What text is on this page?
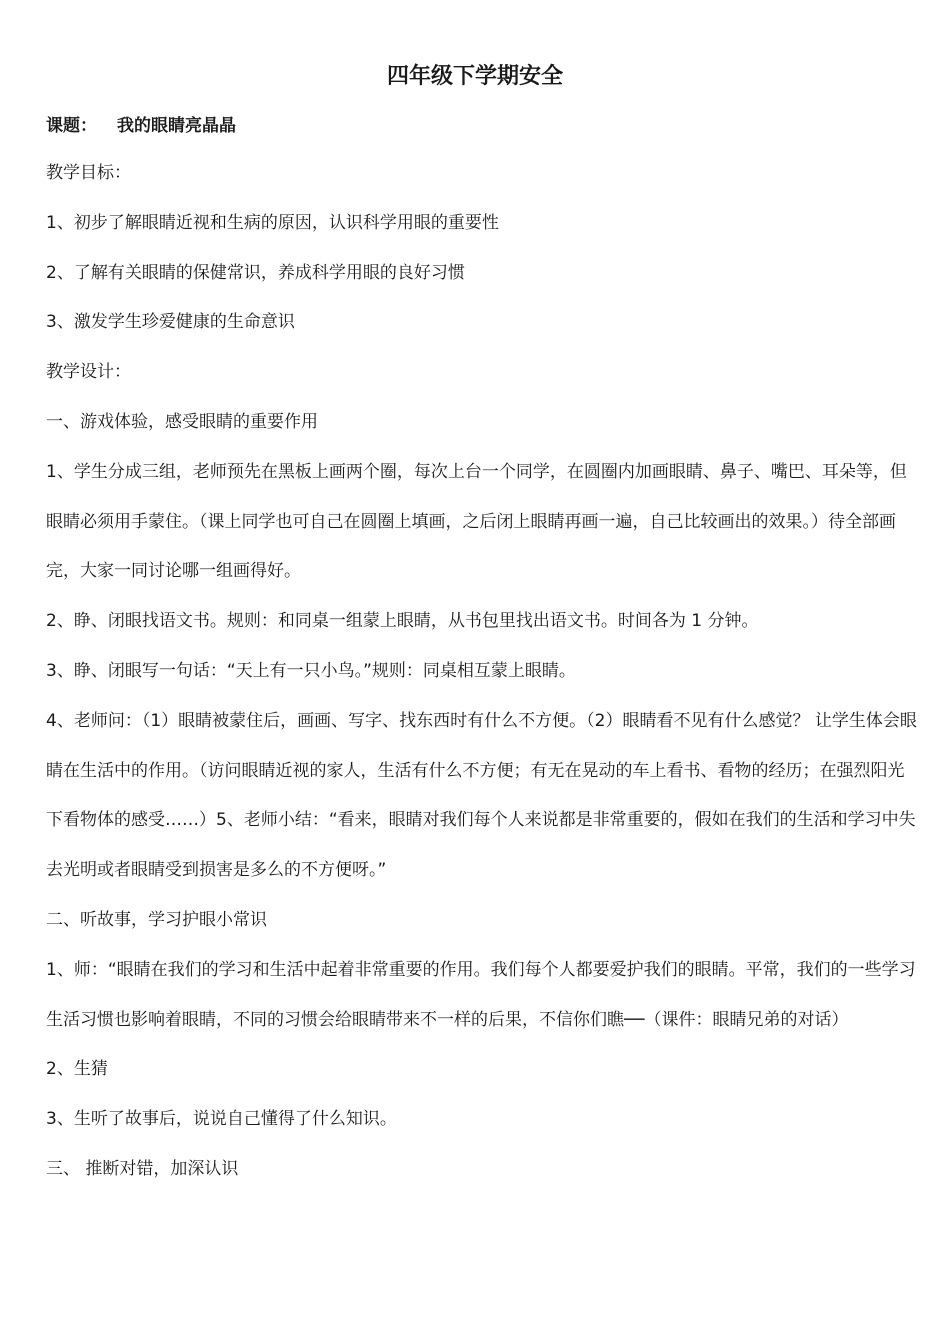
四年级下学期安全
课题： 我的眼睛亮晶晶

教学目标：

1、初步了解眼睛近视和生病的原因，认识科学用眼的重要性

2、了解有关眼睛的保健常识，养成科学用眼的良好习惯

3、激发学生珍爱健康的生命意识

教学设计：

一、游戏体验，感受眼睛的重要作用

1、学生分成三组，老师预先在黑板上画两个圈，每次上台一个同学，在圆圈内加画眼睛、鼻子、嘴巴、耳朵等，但眼睛必须用手蒙住。（课上同学也可自己在圆圈上填画，之后闭上眼睛再画一遍，自己比较画出的效果。）待全部画完，大家一同讨论哪一组画得好。

2、睁、闭眼找语文书。规则：和同桌一组蒙上眼睛，从书包里找出语文书。时间各为 1 分钟。

3、睁、闭眼写一句话：“天上有一只小鸟。”规则：同桌相互蒙上眼睛。

4、老师问：（1）眼睛被蒙住后，画画、写字、找东西时有什么不方便。（2）眼睛看不见有什么感觉？ 让学生体会眼睛在生活中的作用。（访问眼睛近视的家人，生活有什么不方便；有无在晃动的车上看书、看物的经历；在强烈阳光下看物体的感受……）5、老师小结：“看来，眼睛对我们每个人来说都是非常重要的，假如在我们的生活和学习中失去光明或者眼睛受到损害是多么的不方便呀。”

二、听故事，学习护眼小常识

1、师：“眼睛在我们的学习和生活中起着非常重要的作用。我们每个人都要爱护我们的眼睛。平常，我们的一些学习生活习惯也影响着眼睛，不同的习惯会给眼睛带来不一样的后果，不信你们瞧──（课件：眼睛兄弟的对话）

2、生猜

3、生听了故事后，说说自己懂得了什么知识。

三、 推断对错，加深认识
